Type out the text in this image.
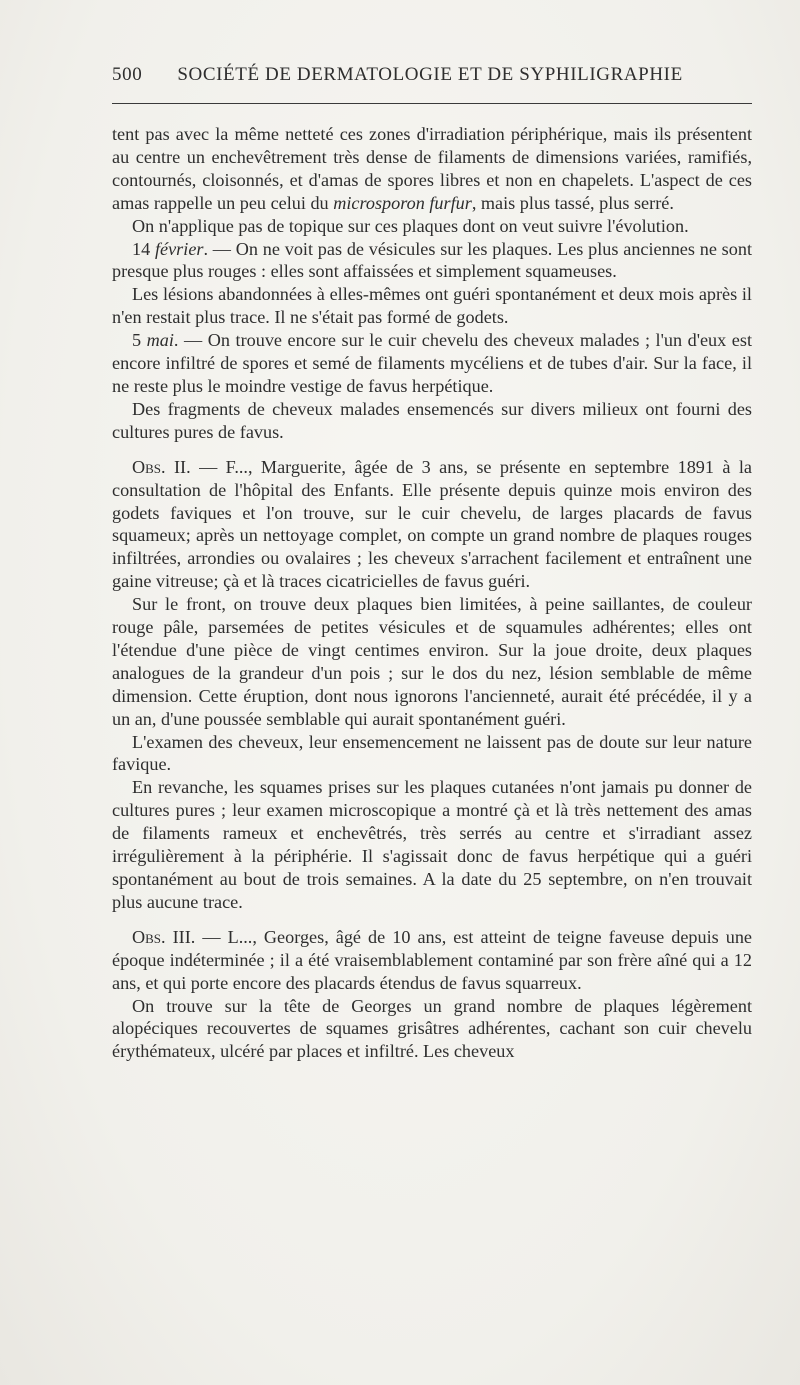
500 SOCIÉTÉ DE DERMATOLOGIE ET DE SYPHILIGRAPHIE

tent pas avec la même netteté ces zones d'irradiation périphérique, mais ils présentent au centre un enchevêtrement très dense de filaments de dimensions variées, ramifiés, contournés, cloisonnés, et d'amas de spores libres et non en chapelets. L'aspect de ces amas rappelle un peu celui du microsporon furfur, mais plus tassé, plus serré.

On n'applique pas de topique sur ces plaques dont on veut suivre l'évolution.

14 février. — On ne voit pas de vésicules sur les plaques. Les plus anciennes ne sont presque plus rouges : elles sont affaissées et simplement squameuses.

Les lésions abandonnées à elles-mêmes ont guéri spontanément et deux mois après il n'en restait plus trace. Il ne s'était pas formé de godets.

5 mai. — On trouve encore sur le cuir chevelu des cheveux malades ; l'un d'eux est encore infiltré de spores et semé de filaments mycéliens et de tubes d'air. Sur la face, il ne reste plus le moindre vestige de favus herpétique.

Des fragments de cheveux malades ensemencés sur divers milieux ont fourni des cultures pures de favus.

Obs. II. — F..., Marguerite, âgée de 3 ans, se présente en septembre 1891 à la consultation de l'hôpital des Enfants. Elle présente depuis quinze mois environ des godets faviques et l'on trouve, sur le cuir chevelu, de larges placards de favus squameux; après un nettoyage complet, on compte un grand nombre de plaques rouges infiltrées, arrondies ou ovalaires ; les cheveux s'arrachent facilement et entraînent une gaine vitreuse; çà et là traces cicatricielles de favus guéri.

Sur le front, on trouve deux plaques bien limitées, à peine saillantes, de couleur rouge pâle, parsemées de petites vésicules et de squamules adhérentes; elles ont l'étendue d'une pièce de vingt centimes environ. Sur la joue droite, deux plaques analogues de la grandeur d'un pois ; sur le dos du nez, lésion semblable de même dimension. Cette éruption, dont nous ignorons l'ancienneté, aurait été précédée, il y a un an, d'une poussée semblable qui aurait spontanément guéri.

L'examen des cheveux, leur ensemencement ne laissent pas de doute sur leur nature favique.

En revanche, les squames prises sur les plaques cutanées n'ont jamais pu donner de cultures pures ; leur examen microscopique a montré çà et là très nettement des amas de filaments rameux et enchevêtrés, très serrés au centre et s'irradiant assez irrégulièrement à la périphérie. Il s'agissait donc de favus herpétique qui a guéri spontanément au bout de trois semaines. A la date du 25 septembre, on n'en trouvait plus aucune trace.

Obs. III. — L..., Georges, âgé de 10 ans, est atteint de teigne faveuse depuis une époque indéterminée ; il a été vraisemblablement contaminé par son frère aîné qui a 12 ans, et qui porte encore des placards étendus de favus squarreux.

On trouve sur la tête de Georges un grand nombre de plaques légèrement alopéciques recouvertes de squames grisâtres adhérentes, cachant son cuir chevelu érythémateux, ulcéré par places et infiltré. Les cheveux
